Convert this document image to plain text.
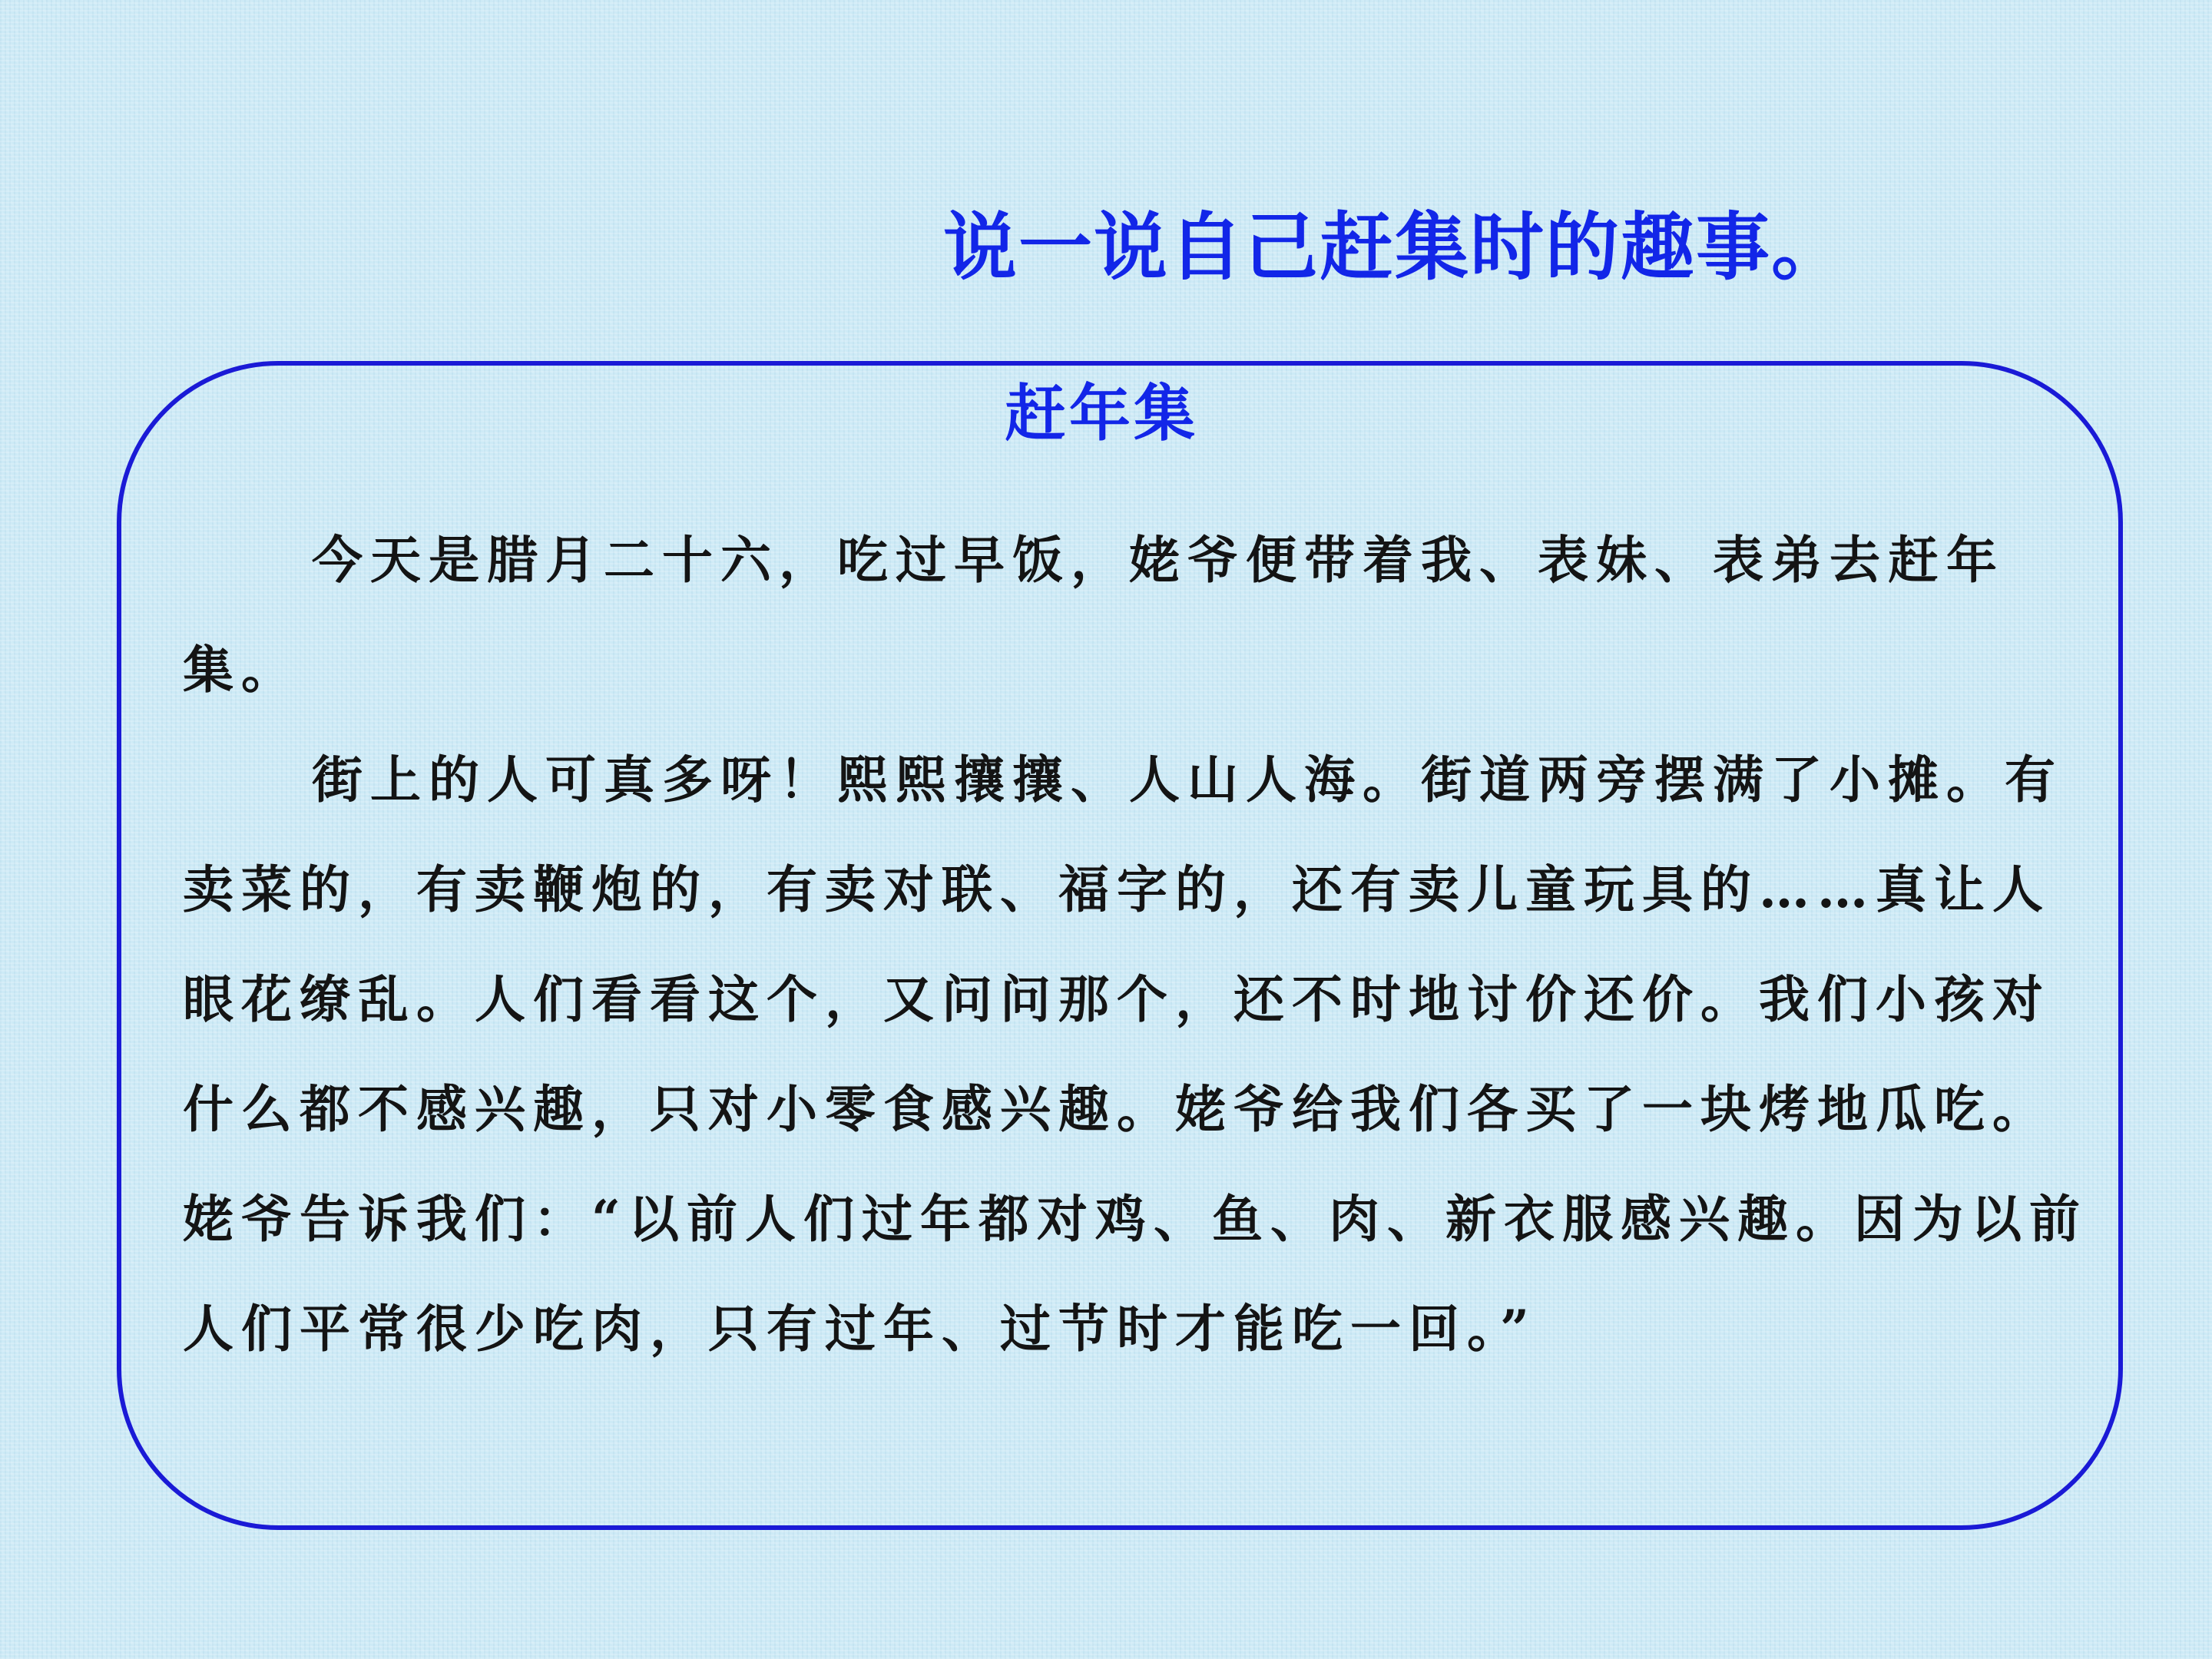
说一说自己赶集时的趣事。
赶年集

今天是腊月二十六，吃过早饭，姥爷便带着我、表妹、表弟去赶年集。

街上的人可真多呀！熙熙攘攘、人山人海。街道两旁摆满了小摊。有卖菜的，有卖鞭炮的，有卖对联、福字的，还有卖儿童玩具的……真让人眼花缭乱。人们看看这个，又问问那个，还不时地讨价还价。我们小孩对什么都不感兴趣，只对小零食感兴趣。姥爷给我们各买了一块烤地瓜吃。姥爷告诉我们：“以前人们过年都对鸡、鱼、肉、新衣服感兴趣。因为以前人们平常很少吃肉，只有过年、过节时才能吃一回。”
